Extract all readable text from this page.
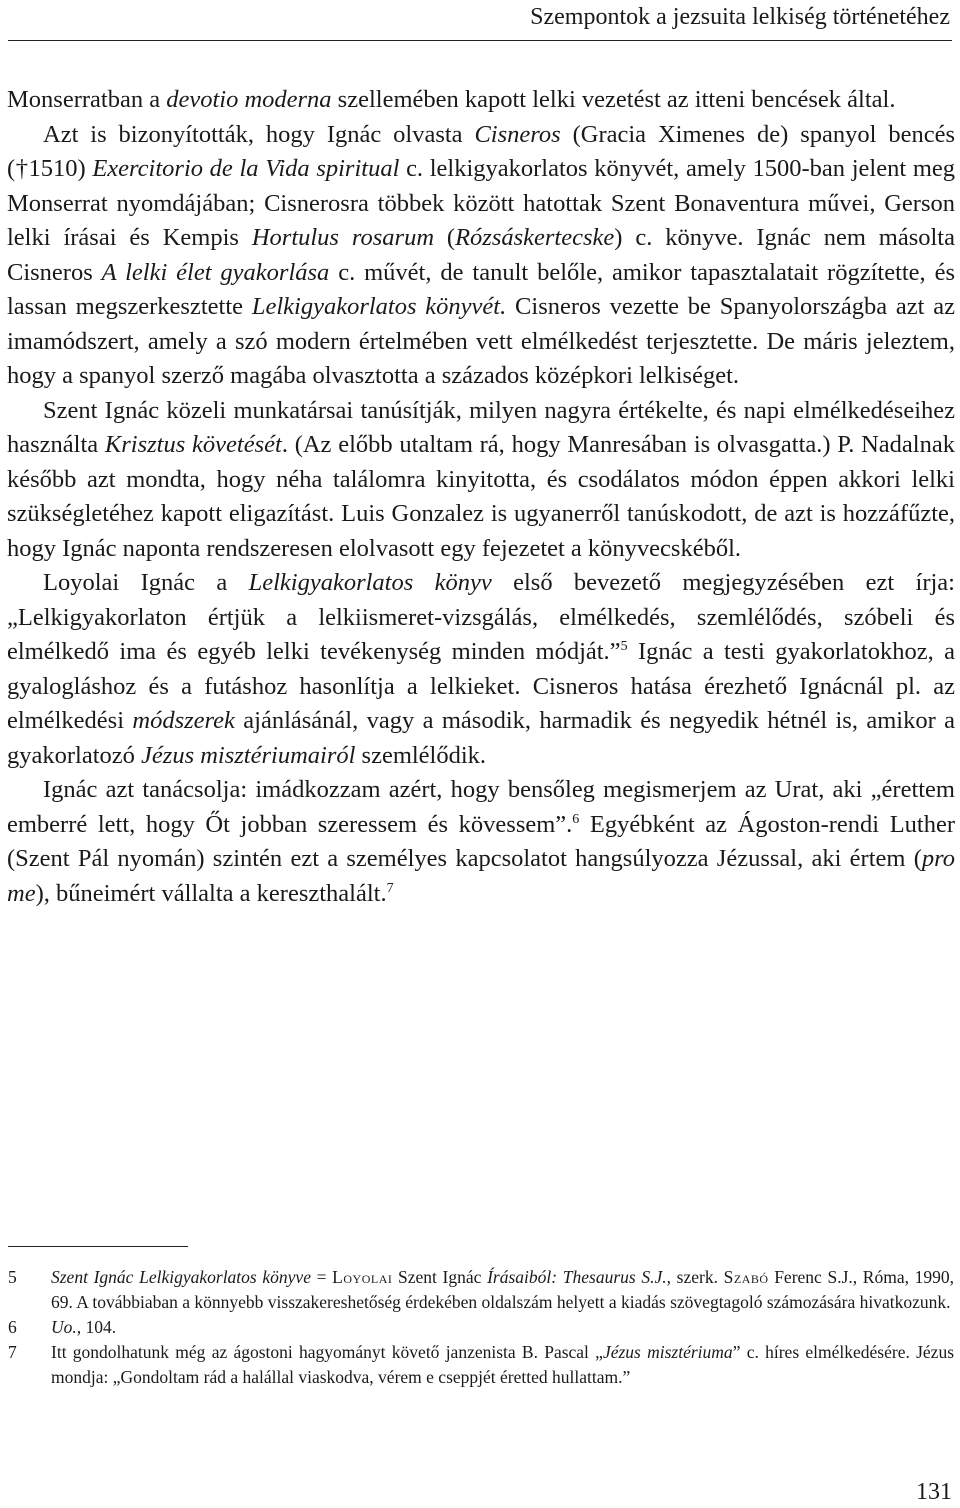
Szempontok a jezsuita lelkiség történetéhez

Monserratban a devotio moderna szellemében kapott lelki vezetést az itteni bencések által.

Azt is bizonyították, hogy Ignác olvasta Cisneros (Gracia Ximenes de) spanyol bencés (†1510) Exercitorio de la Vida spiritual c. lelkigyakorlatos könyvét, amely 1500-ban jelent meg Monserrat nyomdájában; Cisnerosra többek között hatottak Szent Bonaventura művei, Gerson lelki írásai és Kempis Hortulus rosarum (Rózsáskertecske) c. könyve. Ignác nem másolta Cisneros A lelki élet gyakorlása c. művét, de tanult belőle, amikor tapasztalatait rögzítette, és lassan megszerkesztette Lelkigyakorlatos könyvét. Cisneros vezette be Spanyolországba azt az imamódszert, amely a szó modern értelmében vett elmélkedést terjesztette. De máris jeleztem, hogy a spanyol szerző magába olvasztotta a százados középkori lelkiséget.

Szent Ignác közeli munkatársai tanúsítják, milyen nagyra értékelte, és napi elmélkedéseihez használta Krisztus követését. (Az előbb utaltam rá, hogy Manresában is olvasgatta.) P. Nadalnak később azt mondta, hogy néha találomra kinyitotta, és csodálatos módon éppen akkori lelki szükségletéhez kapott eligazítást. Luis Gonzalez is ugyanerről tanúskodott, de azt is hozzáfűzte, hogy Ignác naponta rendszeresen elolvasott egy fejezetet a könyvecskéből.

Loyolai Ignác a Lelkigyakorlatos könyv első bevezető megjegyzésében ezt írja: „Lelkigyakorlaton értjük a lelkiismeret-vizsgálás, elmélkedés, szemlélődés, szóbeli és elmélkedő ima és egyéb lelki tevékenység minden módját.”$^5$ Ignác a testi gyakorlatokhoz, a gyalogláshoz és a futáshoz hasonlítja a lelkieket. Cisneros hatása érezhető Ignácnál pl. az elmélkedési módszerek ajánlásánál, vagy a második, harmadik és negyedik hétnél is, amikor a gyakorlatozó Jézus misztériumairól szemlélődik.

Ignác azt tanácsolja: imádkozzam azért, hogy bensőleg megismerjem az Urat, aki „érettem emberré lett, hogy Őt jobban szeressem és kövessem”.$^6$ Egyébként az Ágoston-rendi Luther (Szent Pál nyomán) szintén ezt a személyes kapcsolatot hangsúlyozza Jézussal, aki értem (pro me), bűneimért vállalta a kereszthalált.$^7$

5	Szent Ignác Lelkigyakorlatos könyve = Loyolai Szent Ignác Írásaiból: Thesaurus S.J., szerk. Szabó Ferenc S.J., Róma, 1990, 69. A továbbiaban a könnyebb visszakereshetőség érdekében oldalszám helyett a kiadás szövegtagoló számozására hivatkozunk.
6	Uo., 104.
7	Itt gondolhatunk még az ágostoni hagyományt követő janzenista B. Pascal „Jézus misztériuma” c. híres elmélkedésére. Jézus mondja: „Gondoltam rád a halállal viaskodva, vérem e cseppjét éretted hullattam.”
131
